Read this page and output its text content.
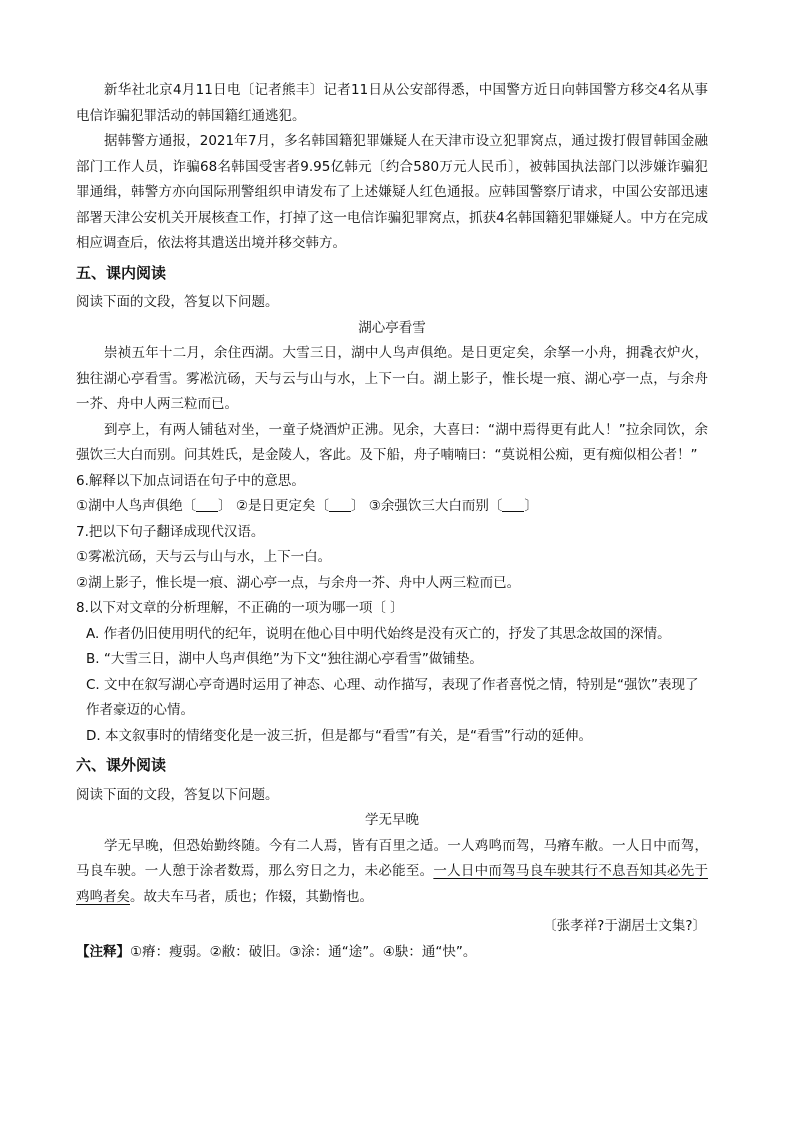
新华社北京4月11日电〔记者熊丰〕记者11日从公安部得悉，中国警方近日向韩国警方移交4名从事电信诈骗犯罪活动的韩国籍红通逃犯。

据韩警方通报，2021年7月，多名韩国籍犯罪嫌疑人在天津市设立犯罪窝点，通过拨打假冒韩国金融部门工作人员，诈骗68名韩国受害者9.95亿韩元〔约合580万元人民币〕，被韩国执法部门以涉嫌诈骗犯罪通缉，韩警方亦向国际刑警组织申请发布了上述嫌疑人红色通报。应韩国警察厅请求，中国公安部迅速部署天津公安机关开展核查工作，打掉了这一电信诈骗犯罪窝点，抓获4名韩国籍犯罪嫌疑人。中方在完成相应调查后，依法将其遣送出境并移交韩方。

五、课内阅读

阅读下面的文段，答复以下问题。

湖心亭看雪

崇祯五年十二月，余住西湖。大雪三日，湖中人鸟声俱绝。是日更定矣，余拏一小舟，拥毳衣炉火，独往湖心亭看雪。雾凇沆砀，天与云与山与水，上下一白。湖上影子，惟长堤一痕、湖心亭一点，与余舟一芥、舟中人两三粒而已。

到亭上，有两人铺毡对坐，一童子烧酒炉正沸。见余，大喜曰：“湖中焉得更有此人！”拉余同饮，余强饮三大白而别。问其姓氏，是金陵人，客此。及下船，舟子喃喃曰：“莫说相公痴，更有痴似相公者！”

6.解释以下加点词语在句子中的意思。

①湖中人鸟声俱绝〔 〕 ②是日更定矣〔 〕 ③余强饮三大白而别〔 〕

7.把以下句子翻译成现代汉语。

①雾凇沆砀，天与云与山与水，上下一白。

②湖上影子，惟长堤一痕、湖心亭一点，与余舟一芥、舟中人两三粒而已。

8.以下对文章的分析理解，不正确的一项为哪一项〔 〕

A. 作者仍旧使用明代的纪年，说明在他心目中明代始终是没有灭亡的，抒发了其思念故国的深情。

B. “大雪三日，湖中人鸟声俱绝”为下文“独往湖心亭看雪”做铺垫。

C. 文中在叙写湖心亭奇遇时运用了神态、心理、动作描写，表现了作者喜悦之情，特别是“强饮”表现了作者豪迈的心情。

D. 本文叙事时的情绪变化是一波三折，但是都与“看雪”有关，是“看雪”行动的延伸。

六、课外阅读

阅读下面的文段，答复以下问题。

学无早晚

学无早晚，但恐始勤终随。今有二人焉，皆有百里之适。一人鸡鸣而驾，马瘠车敝。一人日中而驾，马良车驶。一人憩于涂者数焉，那么穷日之力，未必能至。一人日中而驾马良车驶其行不息吾知其必先于鸡鸣者矣。故夫车马者，质也；作辍，其勤惰也。

〔张孝祥?于湖居士文集?〕

【注释】①瘠：瘦弱。②敝：破旧。③涂：通“途”。④駃：通“快”。
